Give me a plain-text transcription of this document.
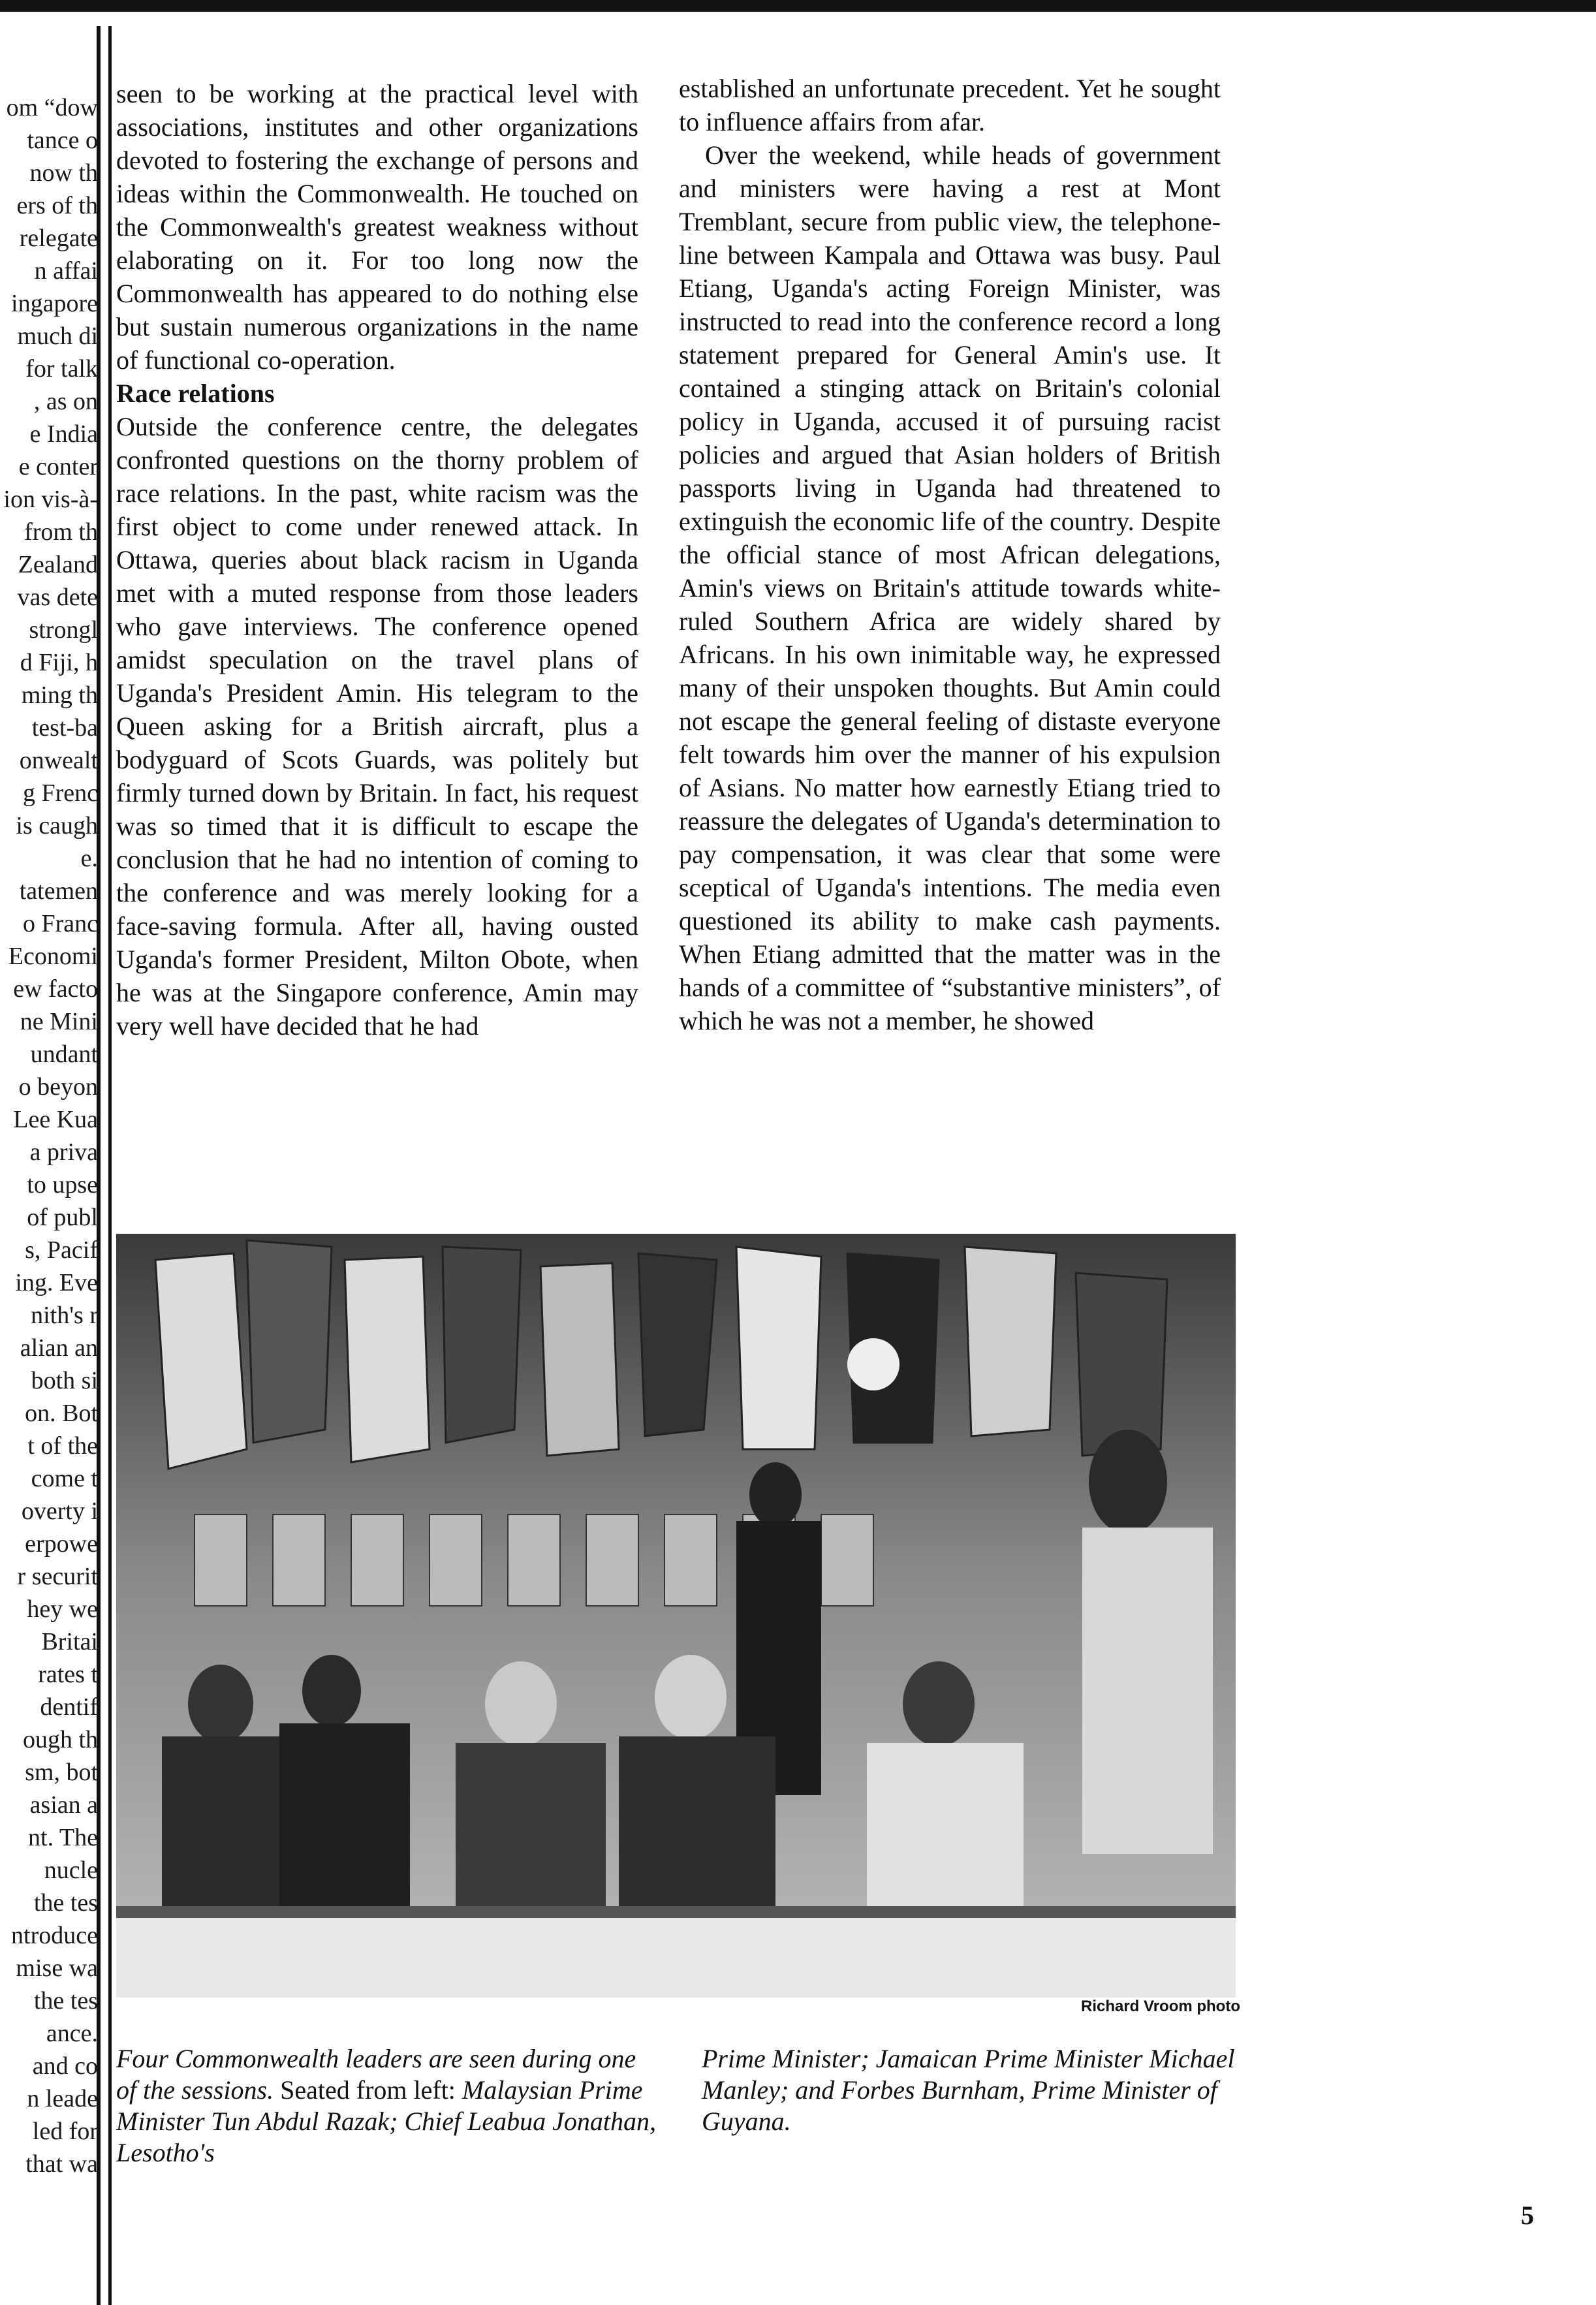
om “dow
tance o
now th
ers of th
relegate
n affai
ingapore
much di
for talk
, as on
e India
e conter
ion vis-à-
from th
Zealand
vas dete
strongl
d Fiji, h
ming th
test-ba
onwealt
g Frenc
is caugh
e.
tatemen
o Franc
Economi
ew facto
ne Mini
undant
o beyon
Lee Kua
a priva
to upse
of publ
s, Pacif
ing. Eve
nith's r
alian an
both si
on. Bot
t of the
come t
overty i
erpowe
r securit
hey we
Britai
rates t
dentif
ough th
sm, bot
asian a
nt. The
nucle
the tes
ntroduce
mise wa
the tes
ance.
and co
n leade
led for
that wa

seen to be working at the practical level with associations, institutes and other organizations devoted to fostering the exchange of persons and ideas within the Commonwealth. He touched on the Commonwealth's greatest weakness without elaborating on it. For too long now the Commonwealth has appeared to do nothing else but sustain numerous organizations in the name of functional co-operation.

Race relations

Outside the conference centre, the delegates confronted questions on the thorny problem of race relations. In the past, white racism was the first object to come under renewed attack. In Ottawa, queries about black racism in Uganda met with a muted response from those leaders who gave interviews. The conference opened amidst speculation on the travel plans of Uganda's President Amin. His telegram to the Queen asking for a British aircraft, plus a bodyguard of Scots Guards, was politely but firmly turned down by Britain. In fact, his request was so timed that it is difficult to escape the conclusion that he had no intention of coming to the conference and was merely looking for a face-saving formula. After all, having ousted Uganda's former President, Milton Obote, when he was at the Singapore conference, Amin may very well have decided that he had

established an unfortunate precedent. Yet he sought to influence affairs from afar.

Over the weekend, while heads of government and ministers were having a rest at Mont Tremblant, secure from public view, the telephone-line between Kampala and Ottawa was busy. Paul Etiang, Uganda's acting Foreign Minister, was instructed to read into the conference record a long statement prepared for General Amin's use. It contained a stinging attack on Britain's colonial policy in Uganda, accused it of pursuing racist policies and argued that Asian holders of British passports living in Uganda had threatened to extinguish the economic life of the country. Despite the official stance of most African delegations, Amin's views on Britain's attitude towards white-ruled Southern Africa are widely shared by Africans. In his own inimitable way, he expressed many of their unspoken thoughts. But Amin could not escape the general feeling of distaste everyone felt towards him over the manner of his expulsion of Asians. No matter how earnestly Etiang tried to reassure the delegates of Uganda's determination to pay compensation, it was clear that some were sceptical of Uganda's intentions. The media even questioned its ability to make cash payments. When Etiang admitted that the matter was in the hands of a committee of “substantive ministers”, of which he was not a member, he showed

Richard Vroom photo
Four Commonwealth leaders are seen during one of the sessions. Seated from left: Malaysian Prime Minister Tun Abdul Razak; Chief Leabua Jonathan, Lesotho's
Prime Minister; Jamaican Prime Minister Michael Manley; and Forbes Burnham, Prime Minister of Guyana.
5
